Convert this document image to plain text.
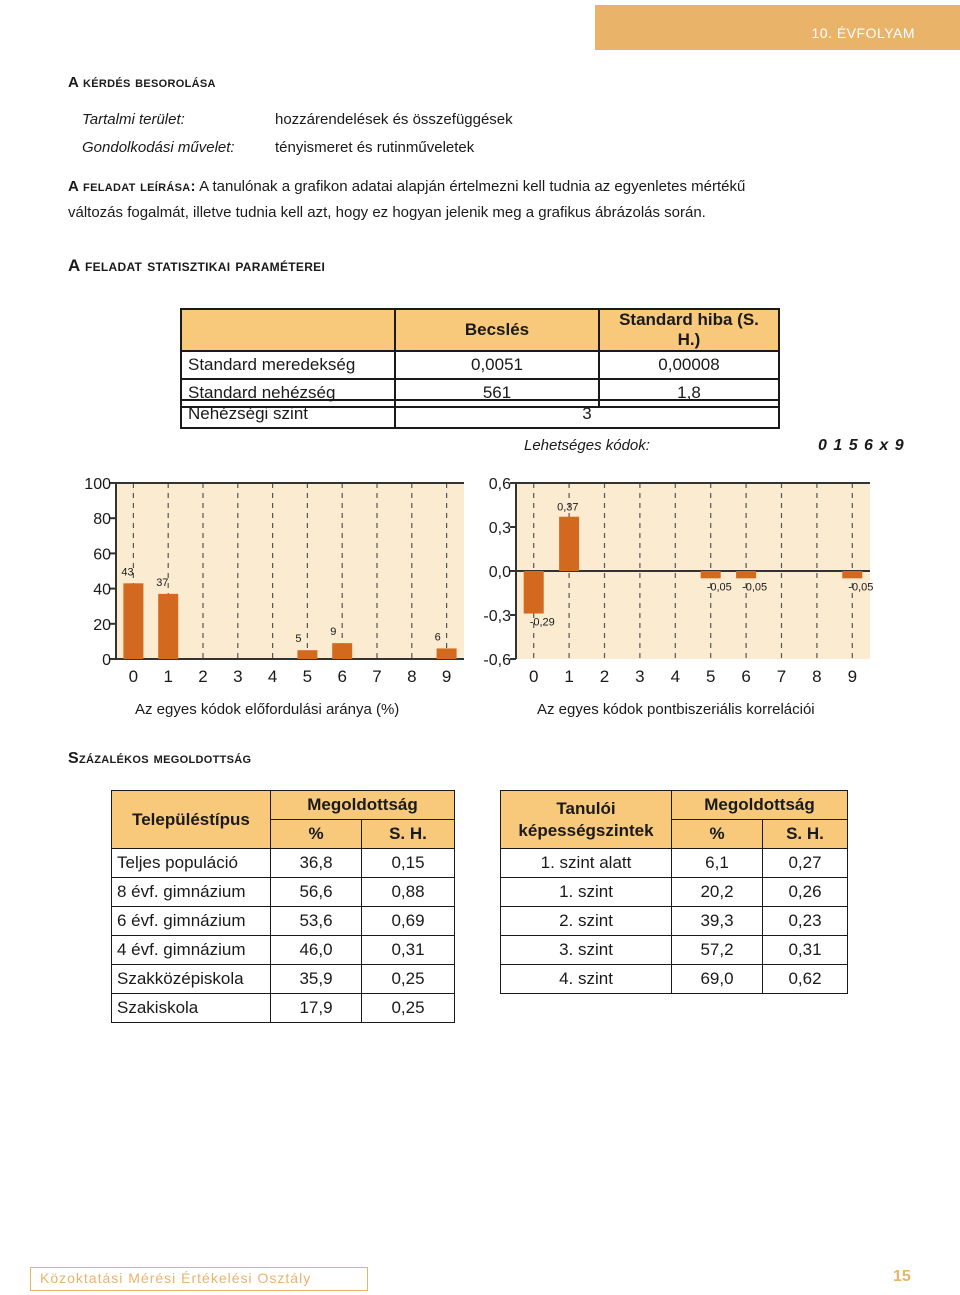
10. ÉVFOLYAM
A kérdés besorolása
Tartalmi terület:	hozzárendelések és összefüggések
Gondolkodási művelet:	tényismeret és rutinműveletek
A feladat leírása: A tanulónak a grafikon adatai alapján értelmezni kell tudnia az egyenletes mértékű
változás fogalmát, illetve tudnia kell azt, hogy ez hogyan jelenik meg a grafikus ábrázolás során.
A feladat statisztikai paraméterei
	Becslés	Standard hiba (S. H.)
Standard meredekség	0,0051	0,00008
Standard nehézség	561	1,8
Nehézségi szint	3
Lehetséges kódok:	0 1 5 6 x 9
0
20
40
60
80
100
43
37
5
9	6
0 1 2 3 4 5 6 7 8 9
-0,6
-0,3
0,0
0,3
0,6
-0,29
0,37
-0,05 -0,05	-0,05
0 1 2 3 4 5 6 7 8 9
Az egyes kódok előfordulási aránya (%)	Az egyes kódok pontbiszeriális korrelációi
Százalékos megoldottság
Településtípus	Megoldottság	
	%	S. H.
Teljes populáció	36,8	0,15
8 évf. gimnázium	56,6	0,88
6 évf. gimnázium	53,6	0,69
4 évf. gimnázium	46,0	0,31
Szakközépiskola	35,9	0,25
Szakiskola	17,9	0,25
Tanulói
képességszintek	Megoldottság	
	%	S. H.
1. szint alatt	6,1	0,27
1. szint	20,2	0,26
2. szint	39,3	0,23
3. szint	57,2	0,31
4. szint	69,0	0,62
Közoktatási Mérési Értékelési Osztály	15
